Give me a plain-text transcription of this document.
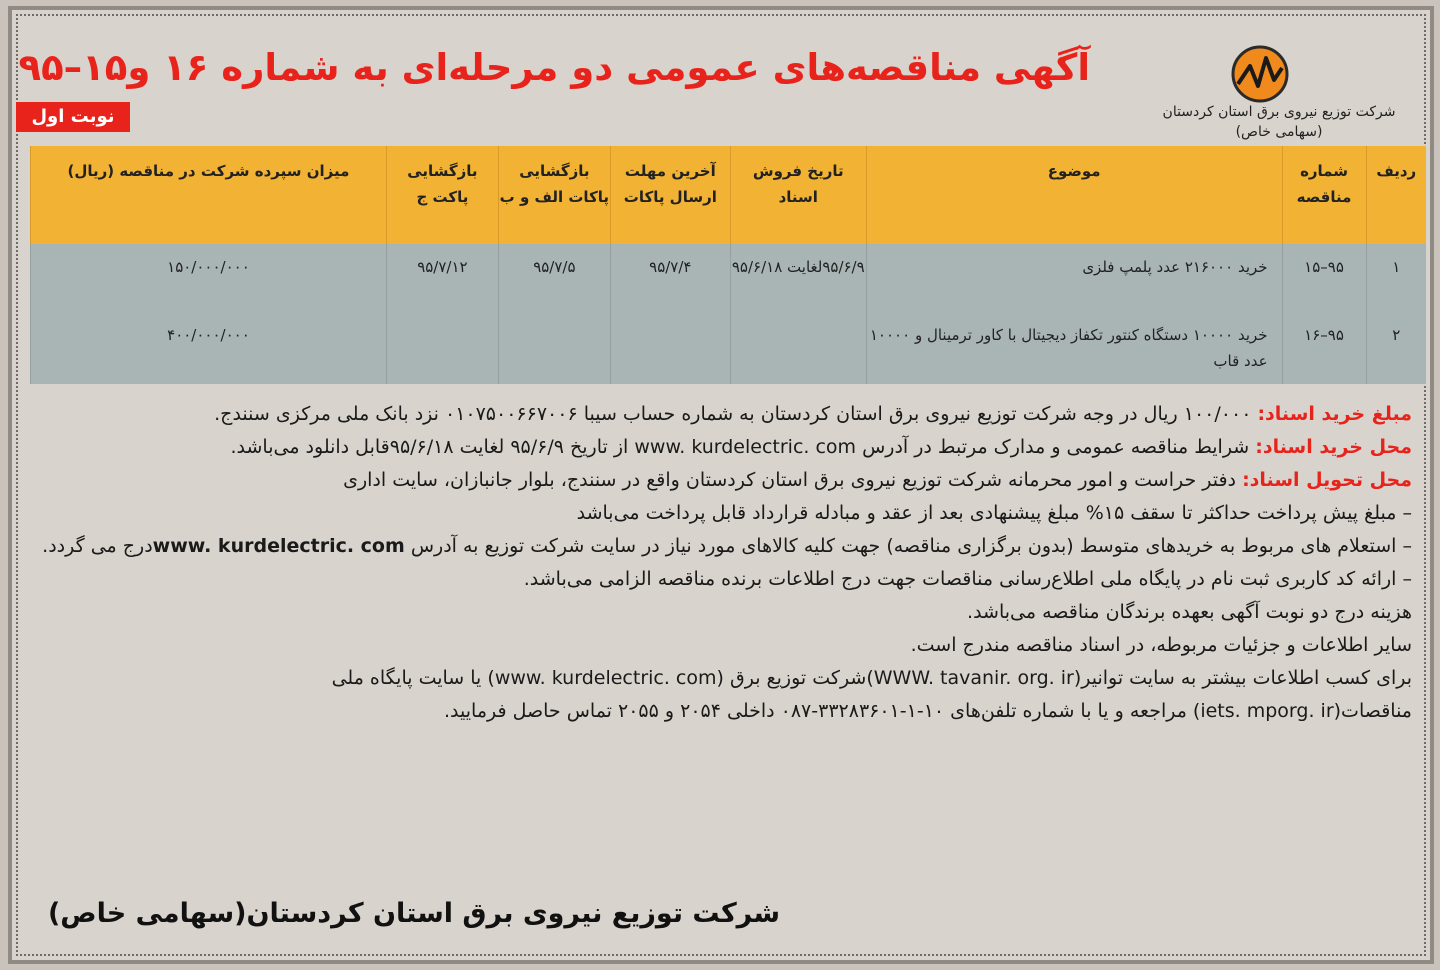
آگهی مناقصه‌های عمومی دو مرحله‌ای به شماره ۱۶ و۱۵–۹۵
شرکت توزیع نیروی برق استان کردستان
(سهامی خاص)
نوبت اول
ردیف	شماره مناقصه	موضوع	تاریخ فروش اسناد	آخرین مهلت ارسال پاکات	بازگشایی پاکات الف و ب	بازگشایی پاکت ج	میزان سپرده شرکت در مناقصه (ریال)
۱	۹۵–۱۵	خرید ۲۱۶۰۰۰ عدد پلمپ فلزی	۹۵/۶/۹لغایت ۹۵/۶/۱۸	۹۵/۷/۴	۹۵/۷/۵	۹۵/۷/۱۲	۱۵۰/۰۰۰/۰۰۰
۲	۹۵–۱۶	خرید ۱۰۰۰۰ دستگاه کنتور تکفاز دیجیتال با کاور ترمینال و ۱۰۰۰۰ عدد قاب					۴۰۰/۰۰۰/۰۰۰

مبلغ خرید اسناد: ۱۰۰/۰۰۰ ریال در وجه شرکت توزیع نیروی برق استان کردستان به شماره حساب سیبا ۰۱۰۷۵۰۰۶۶۷۰۰۶ نزد بانک ملی مرکزی سنندج.

محل خرید اسناد: شرایط مناقصه عمومی و مدارک مرتبط در آدرس www. kurdelectric. com از تاریخ ۹۵/۶/۹ لغایت ۹۵/۶/۱۸قابل دانلود می‌باشد.

محل تحویل اسناد: دفتر حراست و امور محرمانه شرکت توزیع نیروی برق استان کردستان واقع در سنندج، بلوار جانبازان، سایت اداری

– مبلغ پیش پرداخت حداکثر تا سقف ۱۵% مبلغ پیشنهادی بعد از عقد و مبادله قرارداد قابل پرداخت می‌باشد

– استعلام های مربوط به خریدهای متوسط (بدون برگزاری مناقصه) جهت کلیه کالاهای مورد نیاز در سایت شرکت توزیع به آدرس www. kurdelectric. comدرج می گردد.

– ارائه کد کاربری ثبت نام در پایگاه ملی اطلاع‌رسانی مناقصات جهت درج اطلاعات برنده مناقصه الزامی می‌باشد.

هزینه درج دو نوبت آگهی بعهده برندگان مناقصه می‌باشد.

سایر اطلاعات و جزئیات مربوطه، در اسناد مناقصه مندرج است.

برای کسب اطلاعات بیشتر به سایت توانیر(WWW. tavanir. org. ir)شرکت توزیع برق (www. kurdelectric. com) یا سایت پایگاه ملی

مناقصات(iets. mporg. ir) مراجعه و یا با شماره تلفن‌های ۱۰-۱-۳۳۲۸۳۶۰۱-۰۸۷ داخلی ۲۰۵۴ و ۲۰۵۵ تماس حاصل فرمایید.

شرکت توزیع نیروی برق استان کردستان(سهامی خاص)
